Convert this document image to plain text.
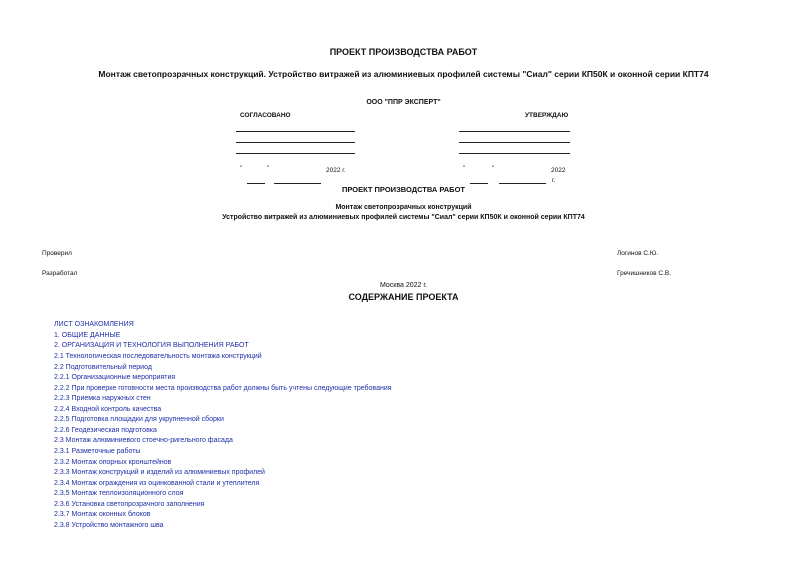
ПРОЕКТ ПРОИЗВОДСТВА РАБОТ
Монтаж светопрозрачных конструкций. Устройство витражей из алюминиевых профилей системы "Сиал" серии КП50К и оконной серии КПТ74
ООО "ППР ЭКСПЕРТ"
СОГЛАСОВАНО	УТВЕРЖДАЮ
"	"	2022 г.	"	"	2022
г.
ПРОЕКТ ПРОИЗВОДСТВА РАБОТ
Монтаж светопрозрачных конструкций
Устройство витражей из алюминиевых профилей системы "Сиал" серии КП50К и оконной серии КПТ74
Проверил	Логинов С.Ю.
Разработал	Гречишников С.В.
Москва 2022 г.
СОДЕРЖАНИЕ ПРОЕКТА
ЛИСТ ОЗНАКОМЛЕНИЯ
1. ОБЩИЕ ДАННЫЕ
2. ОРГАНИЗАЦИЯ И ТЕХНОЛОГИЯ ВЫПОЛНЕНИЯ РАБОТ
2.1 Технологическая последовательность монтажа конструкций
2.2 Подготовительный период
2.2.1 Организационные мероприятия
2.2.2 При проверке готовности места производства работ должны быть учтены следующие требования
2.2.3 Приемка наружных стен
2.2.4 Входной контроль качества
2.2.5 Подготовка площадки для укрупненной сборки
2.2.6 Геодезическая подготовка
2.3 Монтаж алюминиевого стоечно-ригельного фасада
2.3.1 Разметочные работы
2.3.2 Монтаж опорных кронштейнов
2.3.3 Монтаж конструкций и изделий из алюминиевых профилей
2.3.4 Монтаж ограждения из оцинкованной стали и утеплителя
2.3.5 Монтаж теплоизоляционного слоя
2.3.6 Установка светопрозрачного заполнения
2.3.7 Монтаж оконных блоков
2.3.8 Устройство монтажного шва
